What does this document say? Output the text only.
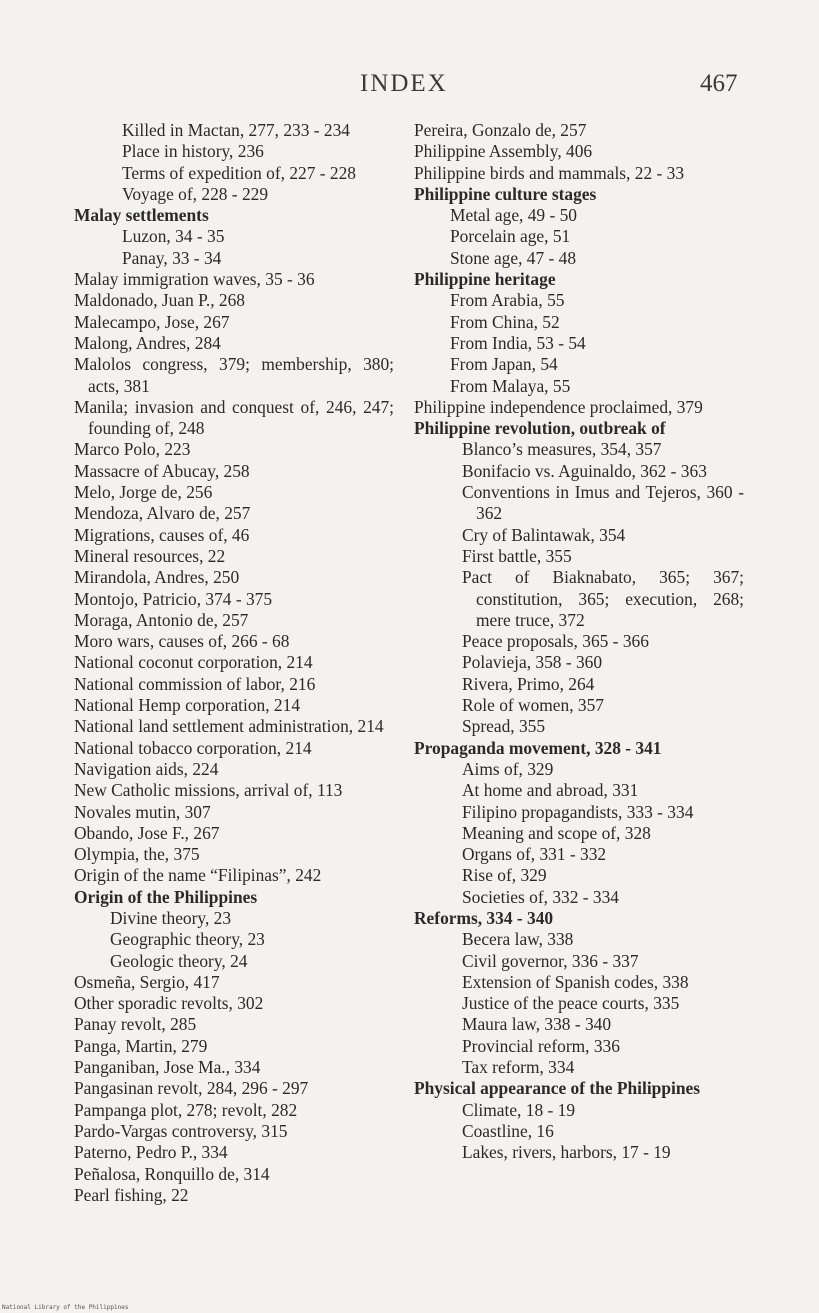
INDEX	467

Killed in Mactan, 277, 233 - 234

Place in history, 236

Terms of expedition of, 227 - 228

Voyage of, 228 - 229

Malay settlements

Luzon, 34 - 35

Panay, 33 - 34

Malay immigration waves, 35 - 36

Maldonado, Juan P., 268

Malecampo, Jose, 267

Malong, Andres, 284

Malolos congress, 379; membership, 380; acts, 381

Manila; invasion and conquest of, 246, 247; founding of, 248

Marco Polo, 223

Massacre of Abucay, 258

Melo, Jorge de, 256

Mendoza, Alvaro de, 257

Migrations, causes of, 46

Mineral resources, 22

Mirandola, Andres, 250

Montojo, Patricio, 374 - 375

Moraga, Antonio de, 257

Moro wars, causes of, 266 - 68

National coconut corporation, 214

National commission of labor, 216

National Hemp corporation, 214

National land settlement administration, 214

National tobacco corporation, 214

Navigation aids, 224

New Catholic missions, arrival of, 113

Novales mutin, 307

Obando, Jose F., 267

Olympia, the, 375

Origin of the name “Filipinas”, 242

Origin of the Philippines

Divine theory, 23

Geographic theory, 23

Geologic theory, 24

Osmeña, Sergio, 417

Other sporadic revolts, 302

Panay revolt, 285

Panga, Martin, 279

Panganiban, Jose Ma., 334

Pangasinan revolt, 284, 296 - 297

Pampanga plot, 278; revolt, 282

Pardo-Vargas controversy, 315

Paterno, Pedro P., 334

Peñalosa, Ronquillo de, 314

Pearl fishing, 22

Pereira, Gonzalo de, 257

Philippine Assembly, 406

Philippine birds and mammals, 22 - 33

Philippine culture stages

Metal age, 49 - 50

Porcelain age, 51

Stone age, 47 - 48

Philippine heritage

From Arabia, 55

From China, 52

From India, 53 - 54

From Japan, 54

From Malaya, 55

Philippine independence proclaimed, 379

Philippine revolution, outbreak of

Blanco’s measures, 354, 357

Bonifacio vs. Aguinaldo, 362 - 363

Conventions in Imus and Tejeros, 360 - 362

Cry of Balintawak, 354

First battle, 355

Pact of Biaknabato, 365; 367; constitution, 365; execution, 268; mere truce, 372

Peace proposals, 365 - 366

Polavieja, 358 - 360

Rivera, Primo, 264

Role of women, 357

Spread, 355

Propaganda movement, 328 - 341

Aims of, 329

At home and abroad, 331

Filipino propagandists, 333 - 334

Meaning and scope of, 328

Organs of, 331 - 332

Rise of, 329

Societies of, 332 - 334

Reforms, 334 - 340

Becera law, 338

Civil governor, 336 - 337

Extension of Spanish codes, 338

Justice of the peace courts, 335

Maura law, 338 - 340

Provincial reform, 336

Tax reform, 334

Physical appearance of the Philippines

Climate, 18 - 19

Coastline, 16

Lakes, rivers, harbors, 17 - 19

National Library of the Philippines
